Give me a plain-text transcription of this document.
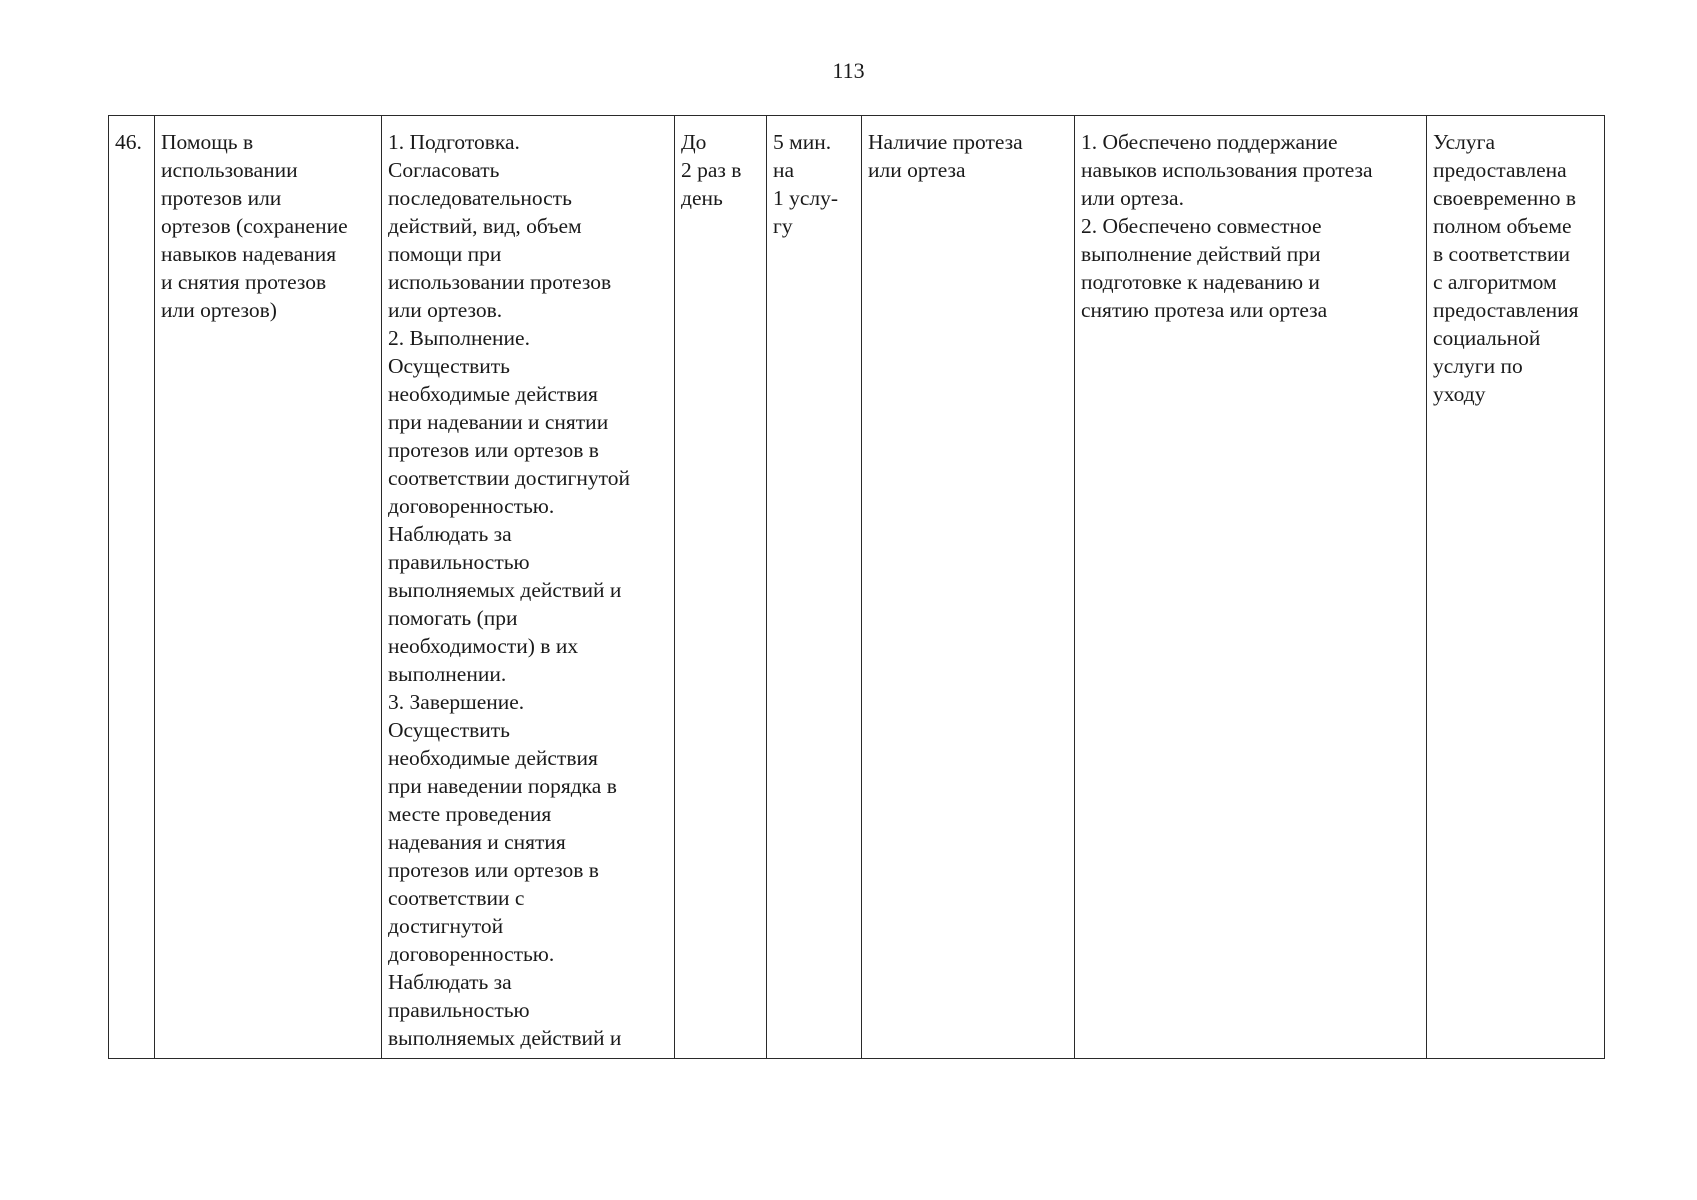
113
46.	Помощь в
использовании
протезов или
ортезов (сохранение
навыков надевания
и снятия протезов
или ортезов)	1. Подготовка.
Согласовать
последовательность
действий, вид, объем
помощи при
использовании протезов
или ортезов.
2. Выполнение.
Осуществить
необходимые действия
при надевании и снятии
протезов или ортезов в
соответствии достигнутой
договоренностью.
Наблюдать за
правильностью
выполняемых действий и
помогать (при
необходимости) в их
выполнении.
3. Завершение.
Осуществить
необходимые действия
при наведении порядка в
месте проведения
надевания и снятия
протезов или ортезов в
соответствии с
достигнутой
договоренностью.
Наблюдать за
правильностью
выполняемых действий и	До
2 раз в
день	5 мин.
на
1 услу-
гу	Наличие протеза
или ортеза	1. Обеспечено поддержание
навыков использования протеза
или ортеза.
2. Обеспечено совместное
выполнение действий при
подготовке к надеванию и
снятию протеза или ортеза	Услуга
предоставлена
своевременно в
полном объеме
в соответствии
с алгоритмом
предоставления
социальной
услуги по
уходу
